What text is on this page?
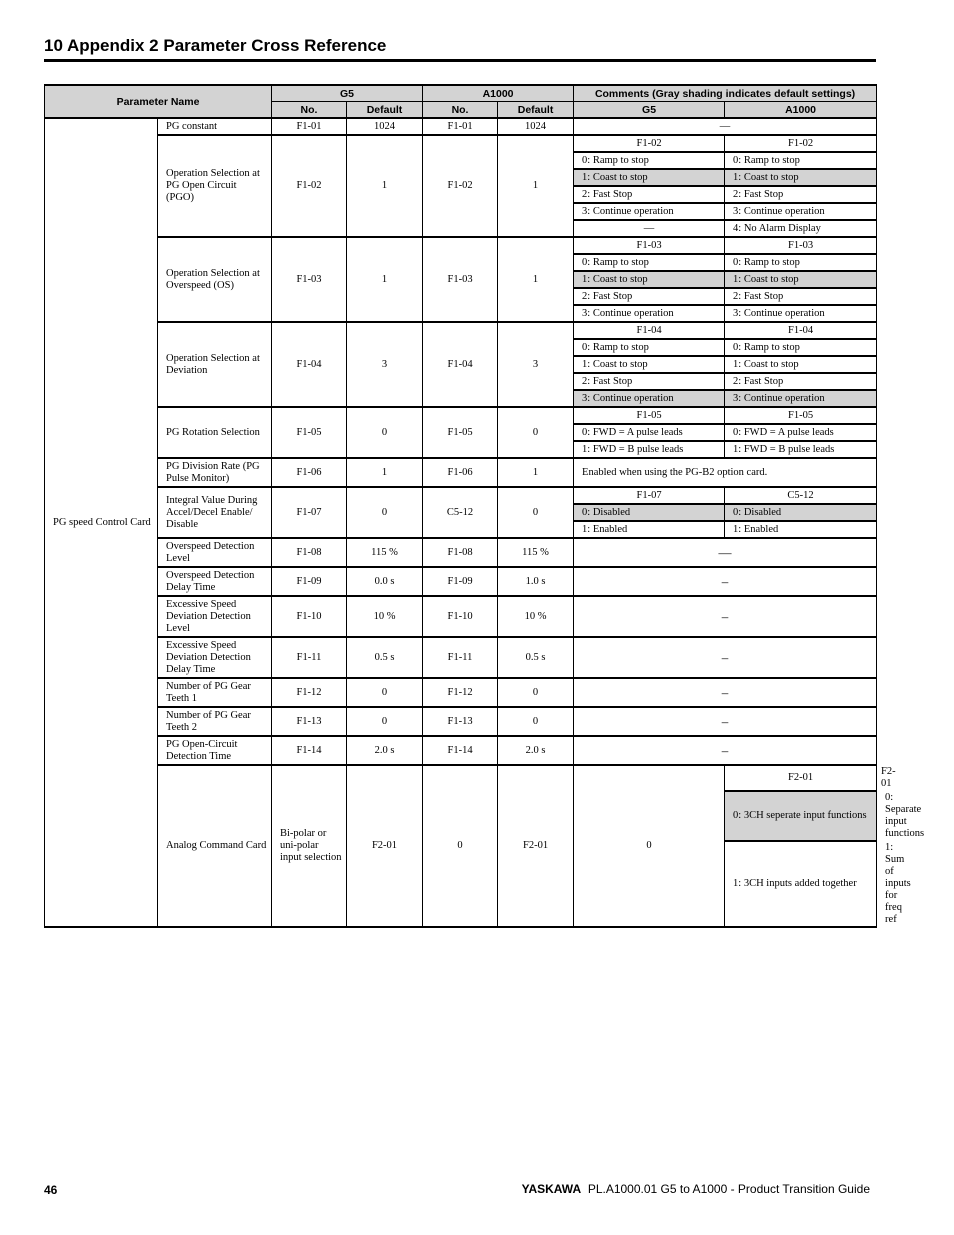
10 Appendix 2 Parameter Cross Reference
Parameter Name		G5		A1000		Comments (Gray shading indicates default settings)		
		No.	Default	No.	Default	G5	A1000	
PG speed Control Card	PG constant	F1-01	1024	F1-01	1024	—		
	Operation Selection at PG Open Circuit (PGO)	F1-02	1	F1-02	1	F1-02	F1-02	
						0: Ramp to stop	0: Ramp to stop	
						1: Coast to stop	1: Coast to stop	
						2: Fast Stop	2: Fast Stop	
						3: Continue operation	3: Continue operation	
						—	4: No Alarm Display	
	Operation Selection at Overspeed (OS)	F1-03	1	F1-03	1	F1-03	F1-03	
						0: Ramp to stop	0: Ramp to stop	
						1: Coast to stop	1: Coast to stop	
						2: Fast Stop	2: Fast Stop	
						3: Continue operation	3: Continue operation	
	Operation Selection at Deviation	F1-04	3	F1-04	3	F1-04	F1-04	
						0: Ramp to stop	0: Ramp to stop	
						1: Coast to stop	1: Coast to stop	
						2: Fast Stop	2: Fast Stop	
						3: Continue operation	3: Continue operation	
	PG Rotation Selection	F1-05	0	F1-05	0	F1-05	F1-05	
						0: FWD = A pulse leads	0: FWD = A pulse leads	
						1: FWD = B pulse leads	1: FWD = B pulse leads	
	PG Division Rate (PG Pulse Monitor)	F1-06	1	F1-06	1	Enabled when using the PG-B2 option card.		
	Integral Value During Accel/Decel Enable/ Disable	F1-07	0	C5-12	0	F1-07	C5-12	
						0: Disabled	0: Disabled	
						1: Enabled	1: Enabled	
	Overspeed Detection Level	F1-08	115 %	F1-08	115 %	—		
	Overspeed Detection Delay Time	F1-09	0.0 s	F1-09	1.0 s	–		
	Excessive Speed Deviation Detection Level	F1-10	10 %	F1-10	10 %	–		
	Excessive Speed Deviation Detection Delay Time	F1-11	0.5 s	F1-11	0.5 s	–		
	Number of PG Gear Teeth 1	F1-12	0	F1-12	0	–		
	Number of PG Gear Teeth 2	F1-13	0	F1-13	0	–		
	PG Open-Circuit Detection Time	F1-14	2.0 s	F1-14	2.0 s	–		
	Analog Command Card	Bi-polar or uni-polar input selection	F2-01	0	F2-01	0	F2-01	F2-01
							0: 3CH seperate input functions	0: Separate input functions
							1: 3CH inputs added together	1: Sum of inputs for freq ref
46	YASKAWA PL.A1000.01 G5 to A1000 - Product Transition Guide
